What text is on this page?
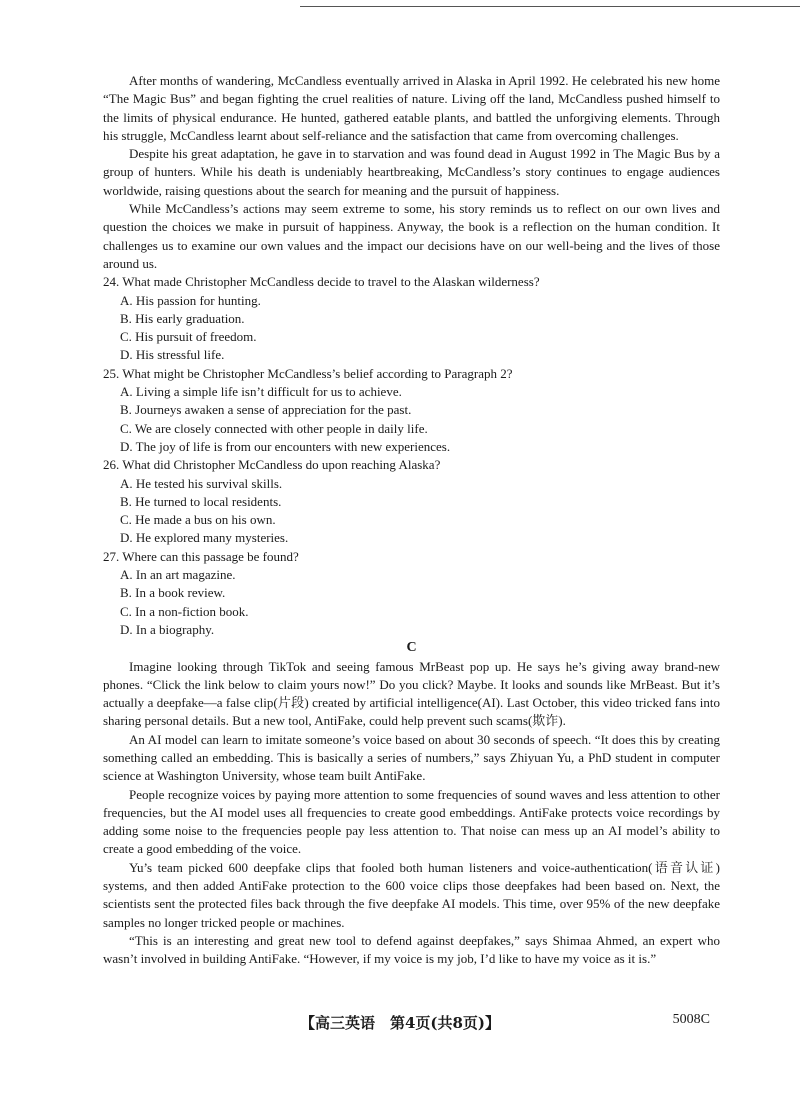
After months of wandering, McCandless eventually arrived in Alaska in April 1992. He celebrated his new home “The Magic Bus” and began fighting the cruel realities of nature. Living off the land, McCandless pushed himself to the limits of physical endurance. He hunted, gathered eatable plants, and battled the unforgiving elements. Through his struggle, McCandless learnt about self-reliance and the satisfaction that came from overcoming challenges.

Despite his great adaptation, he gave in to starvation and was found dead in August 1992 in The Magic Bus by a group of hunters. While his death is undeniably heartbreaking, McCandless’s story continues to engage audiences worldwide, raising questions about the search for meaning and the pursuit of happiness.

While McCandless’s actions may seem extreme to some, his story reminds us to reflect on our own lives and question the choices we make in pursuit of happiness. Anyway, the book is a reflection on the human condition. It challenges us to examine our own values and the impact our decisions have on our well-being and the lives of those around us.

24. What made Christopher McCandless decide to travel to the Alaskan wilderness?

A. His passion for hunting.

B. His early graduation.

C. His pursuit of freedom.

D. His stressful life.

25. What might be Christopher McCandless’s belief according to Paragraph 2?

A. Living a simple life isn’t difficult for us to achieve.

B. Journeys awaken a sense of appreciation for the past.

C. We are closely connected with other people in daily life.

D. The joy of life is from our encounters with new experiences.

26. What did Christopher McCandless do upon reaching Alaska?

A. He tested his survival skills.

B. He turned to local residents.

C. He made a bus on his own.

D. He explored many mysteries.

27. Where can this passage be found?

A. In an art magazine.

B. In a book review.

C. In a non-fiction book.

D. In a biography.

C

Imagine looking through TikTok and seeing famous MrBeast pop up. He says he’s giving away brand-new phones. “Click the link below to claim yours now!” Do you click? Maybe. It looks and sounds like MrBeast. But it’s actually a deepfake—a false clip(片段) created by artificial intelligence(AI). Last October, this video tricked fans into sharing personal details. But a new tool, AntiFake, could help prevent such scams(欺诈).

An AI model can learn to imitate someone’s voice based on about 30 seconds of speech. “It does this by creating something called an embedding. This is basically a series of numbers,” says Zhiyuan Yu, a PhD student in computer science at Washington University, whose team built AntiFake.

People recognize voices by paying more attention to some frequencies of sound waves and less attention to other frequencies, but the AI model uses all frequencies to create good embeddings. AntiFake protects voice recordings by adding some noise to the frequencies people pay less attention to. That noise can mess up an AI model’s ability to create a good embedding of the voice.

Yu’s team picked 600 deepfake clips that fooled both human listeners and voice-authentication(语音认证) systems, and then added AntiFake protection to the 600 voice clips those deepfakes had been based on. Next, the scientists sent the protected files back through the five deepfake AI models. This time, over 95% of the new deepfake samples no longer tricked people or machines.

“This is an interesting and great new tool to defend against deepfakes,” says Shimaa Ahmed, an expert who wasn’t involved in building AntiFake. “However, if my voice is my job, I’d like to have my voice as it is.”

【高三英语　第4页(共8页)】	5008C
